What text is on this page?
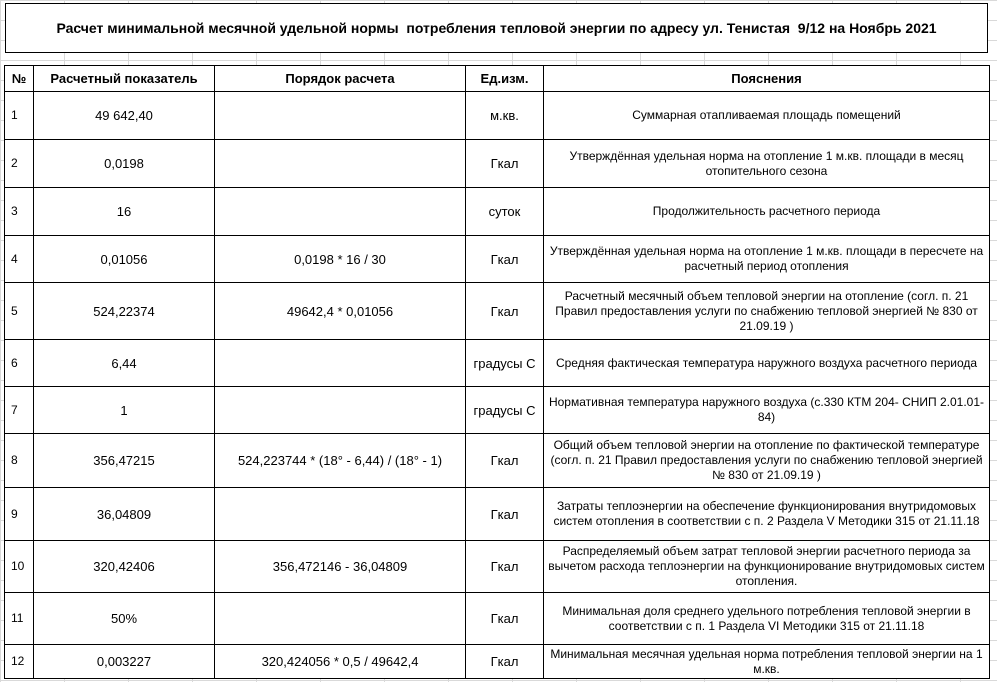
Расчет минимальной месячной удельной нормы  потребления тепловой энергии по адресу ул. Тенистая  9/12 на Ноябрь 2021
№	Расчетный показатель	Порядок расчета	Ед.изм.	Пояснения
1	49 642,40		м.кв.	Суммарная отапливаемая площадь помещений
2	0,0198		Гкал	Утверждённая удельная норма на отопление 1 м.кв. площади в месяц отопительного сезона
3	16		суток	Продолжительность расчетного периода
4	0,01056	0,0198 * 16 / 30	Гкал	Утверждённая удельная норма на отопление 1 м.кв. площади в пересчете на расчетный период отопления
5	524,22374	49642,4 * 0,01056	Гкал	Расчетный месячный объем тепловой энергии на отопление (согл. п. 21 Правил предоставления услуги по снабжению тепловой энергией № 830 от 21.09.19 )
6	6,44		градусы С	Средняя фактическая температура наружного воздуха расчетного периода
7	1		градусы С	Нормативная температура наружного воздуха (с.330 КТМ 204- СНИП 2.01.01-84)
8	356,47215	524,223744 * (18° - 6,44) / (18° - 1)	Гкал	Общий объем тепловой энергии на отопление по фактической температуре (согл. п. 21 Правил предоставления услуги по снабжению тепловой энергией № 830 от 21.09.19 )
9	36,04809		Гкал	Затраты теплоэнергии на обеспечение функционирования внутридомовых систем отопления в соответствии с п. 2 Раздела V Методики 315 от 21.11.18
10	320,42406	356,472146 - 36,04809	Гкал	Распределяемый объем затрат тепловой энергии расчетного периода за вычетом расхода теплоэнергии на функционирование внутридомовых систем отопления.
11	50%		Гкал	Минимальная доля среднего удельного потребления тепловой энергии в соответствии с п. 1 Раздела VI Методики 315 от 21.11.18
12	0,003227	320,424056 * 0,5 / 49642,4	Гкал	Минимальная месячная удельная норма потребления тепловой энергии на 1 м.кв.
